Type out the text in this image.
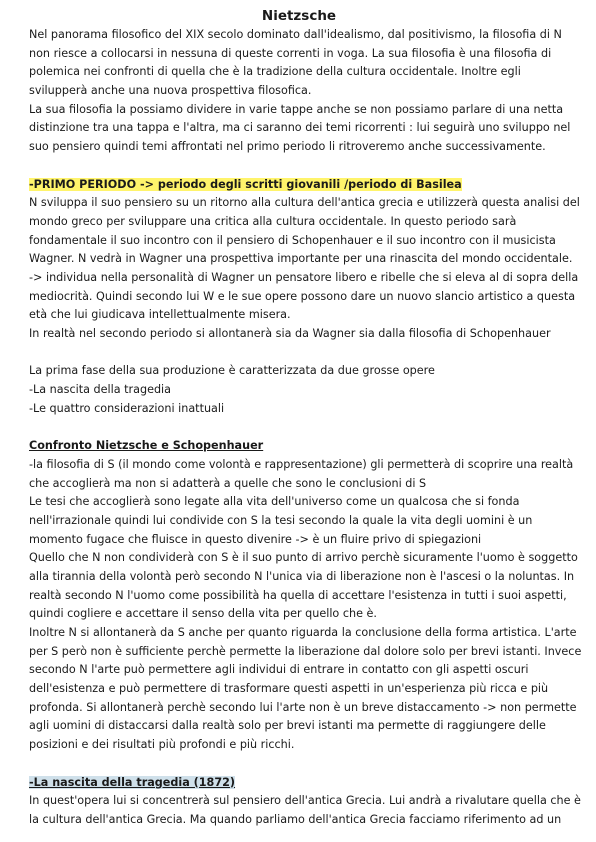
Nietzsche
Nel panorama filosofico del XIX secolo dominato dall'idealismo, dal positivismo, la filosofia di N
non riesce a collocarsi in nessuna di queste correnti in voga. La sua filosofia è una filosofia di
polemica nei confronti di quella che è la tradizione della cultura occidentale. Inoltre egli
svilupperà anche una nuova prospettiva filosofica.
La sua filosofia la possiamo dividere in varie tappe anche se non possiamo parlare di una netta
distinzione tra una tappa e l'altra, ma ci saranno dei temi ricorrenti : lui seguirà uno sviluppo nel
suo pensiero quindi temi affrontati nel primo periodo li ritroveremo anche successivamente.
-PRIMO PERIODO -> periodo degli scritti giovanili /periodo di Basilea
N sviluppa il suo pensiero su un ritorno alla cultura dell'antica grecia e utilizzerà questa analisi del
mondo greco per sviluppare una critica alla cultura occidentale. In questo periodo sarà
fondamentale il suo incontro con il pensiero di Schopenhauer e il suo incontro con il musicista
Wagner. N vedrà in Wagner una prospettiva importante per una rinascita del mondo occidentale.
-> individua nella personalità di Wagner un pensatore libero e ribelle che si eleva al di sopra della
mediocrità. Quindi secondo lui W e le sue opere possono dare un nuovo slancio artistico a questa
età che lui giudicava intellettualmente misera.
In realtà nel secondo periodo si allontanerà sia da Wagner sia dalla filosofia di Schopenhauer
La prima fase della sua produzione è caratterizzata da due grosse opere
-La nascita della tragedia
-Le quattro considerazioni inattuali
Confronto Nietzsche e Schopenhauer
-la filosofia di S (il mondo come volontà e rappresentazione) gli permetterà di scoprire una realtà
che accoglierà ma non si adatterà a quelle che sono le conclusioni di S
Le tesi che accoglierà sono legate alla vita dell'universo come un qualcosa che si fonda
nell'irrazionale quindi lui condivide con S la tesi secondo la quale la vita degli uomini è un
momento fugace che fluisce in questo divenire -> è un fluire privo di spiegazioni
Quello che N non condividerà con S è il suo punto di arrivo perchè sicuramente l'uomo è soggetto
alla tirannia della volontà però secondo N l'unica via di liberazione non è l'ascesi o la noluntas. In
realtà secondo N l'uomo come possibilità ha quella di accettare l'esistenza in tutti i suoi aspetti,
quindi cogliere e accettare il senso della vita per quello che è.
Inoltre N si allontanerà da S anche per quanto riguarda la conclusione della forma artistica. L'arte
per S però non è sufficiente perchè permette la liberazione dal dolore solo per brevi istanti. Invece
secondo N l'arte può permettere agli individui di entrare in contatto con gli aspetti oscuri
dell'esistenza e può permettere di trasformare questi aspetti in un'esperienza più ricca e più
profonda. Si allontanerà perchè secondo lui l'arte non è un breve distaccamento -> non permette
agli uomini di distaccarsi dalla realtà solo per brevi istanti ma permette di raggiungere delle
posizioni e dei risultati più profondi e più ricchi.
-La nascita della tragedia (1872)
In quest'opera lui si concentrerà sul pensiero dell'antica Grecia. Lui andrà a rivalutare quella che è
la cultura dell'antica Grecia. Ma quando parliamo dell'antica Grecia facciamo riferimento ad un
